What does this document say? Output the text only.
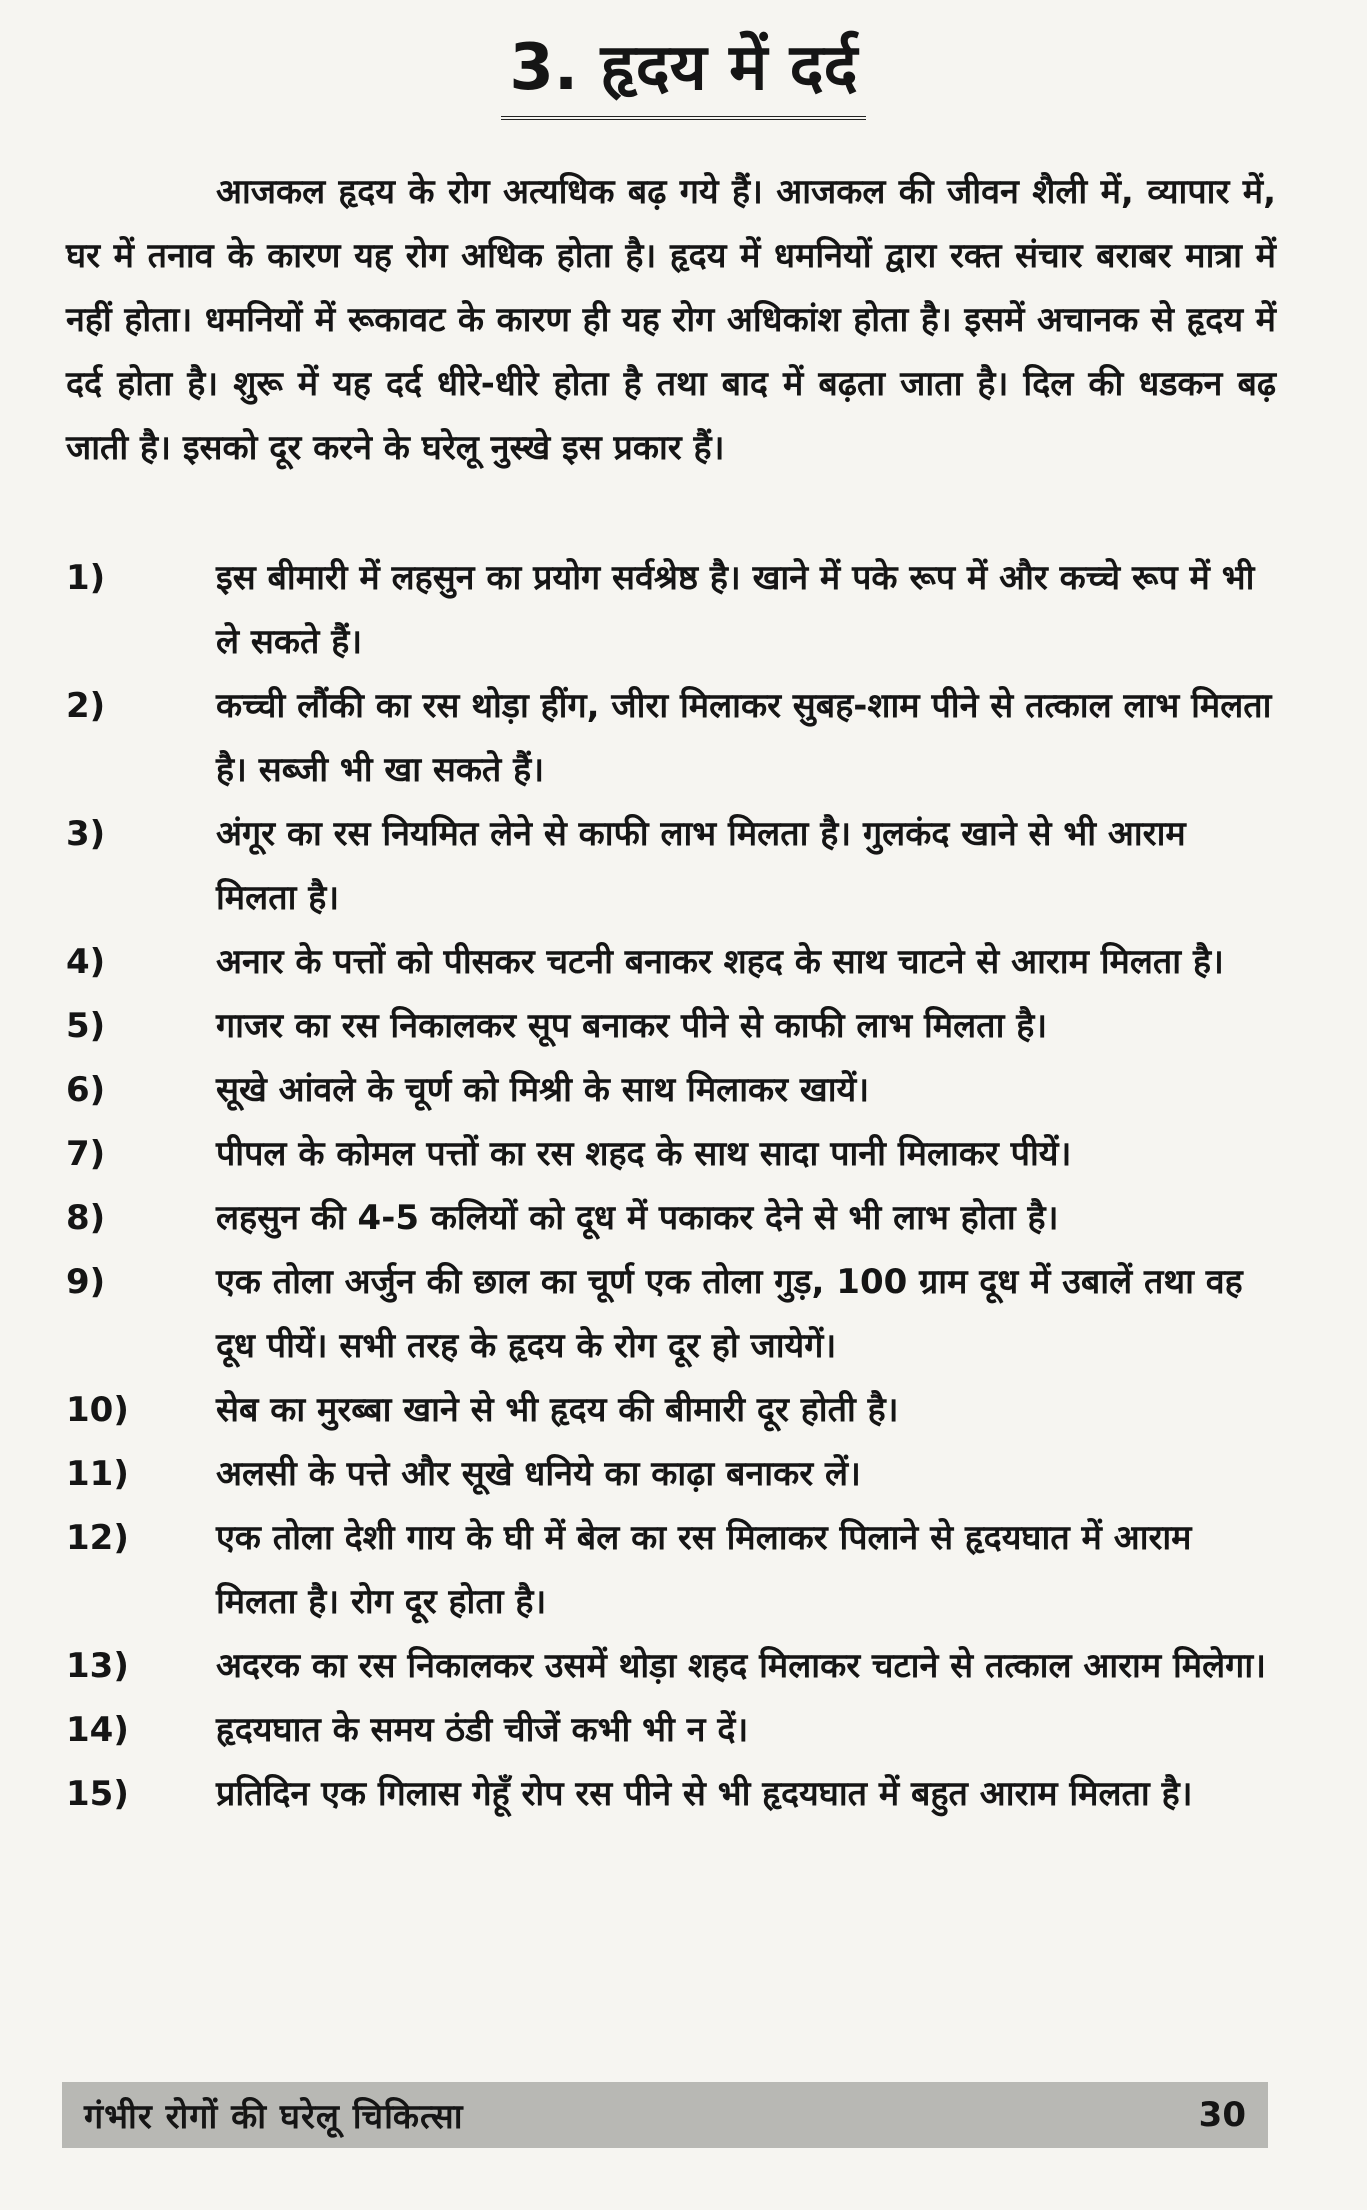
3. हृदय में दर्द

आजकल हृदय के रोग अत्यधिक बढ़ गये हैं। आजकल की जीवन शैली में, व्यापार में, घर में तनाव के कारण यह रोग अधिक होता है। हृदय में धमनियों द्वारा रक्त संचार बराबर मात्रा में नहीं होता। धमनियों में रूकावट के कारण ही यह रोग अधिकांश होता है। इसमें अचानक से हृदय में दर्द होता है। शुरू में यह दर्द धीरे-धीरे होता है तथा बाद में बढ़ता जाता है। दिल की धडकन बढ़ जाती है। इसको दूर करने के घरेलू नुस्खे इस प्रकार हैं।

1)	इस बीमारी में लहसुन का प्रयोग सर्वश्रेष्ठ है। खाने में पके रूप में और कच्चे रूप में भी ले सकते हैं।
2)	कच्ची लौंकी का रस थोड़ा हींग, जीरा मिलाकर सुबह-शाम पीने से तत्काल लाभ मिलता है। सब्जी भी खा सकते हैं।
3)	अंगूर का रस नियमित लेने से काफी लाभ मिलता है। गुलकंद खाने से भी आराम मिलता है।
4)	अनार के पत्तों को पीसकर चटनी बनाकर शहद के साथ चाटने से आराम मिलता है।
5)	गाजर का रस निकालकर सूप बनाकर पीने से काफी लाभ मिलता है।
6)	सूखे आंवले के चूर्ण को मिश्री के साथ मिलाकर खायें।
7)	पीपल के कोमल पत्तों का रस शहद के साथ सादा पानी मिलाकर पीयें।
8)	लहसुन की 4-5 कलियों को दूध में पकाकर देने से भी लाभ होता है।
9)	एक तोला अर्जुन की छाल का चूर्ण एक तोला गुड़, 100 ग्राम दूध में उबालें तथा वह दूध पीयें। सभी तरह के हृदय के रोग दूर हो जायेगें।
10)	सेब का मुरब्बा खाने से भी हृदय की बीमारी दूर होती है।
11)	अलसी के पत्ते और सूखे धनिये का काढ़ा बनाकर लें।
12)	एक तोला देशी गाय के घी में बेल का रस मिलाकर पिलाने से हृदयघात में आराम मिलता है। रोग दूर होता है।
13)	अदरक का रस निकालकर उसमें थोड़ा शहद मिलाकर चटाने से तत्काल आराम मिलेगा।
14)	हृदयघात के समय ठंडी चीजें कभी भी न दें।
15)	प्रतिदिन एक गिलास गेहूँ रोप रस पीने से भी हृदयघात में बहुत आराम मिलता है।
गंभीर रोगों की घरेलू चिकित्सा	30
